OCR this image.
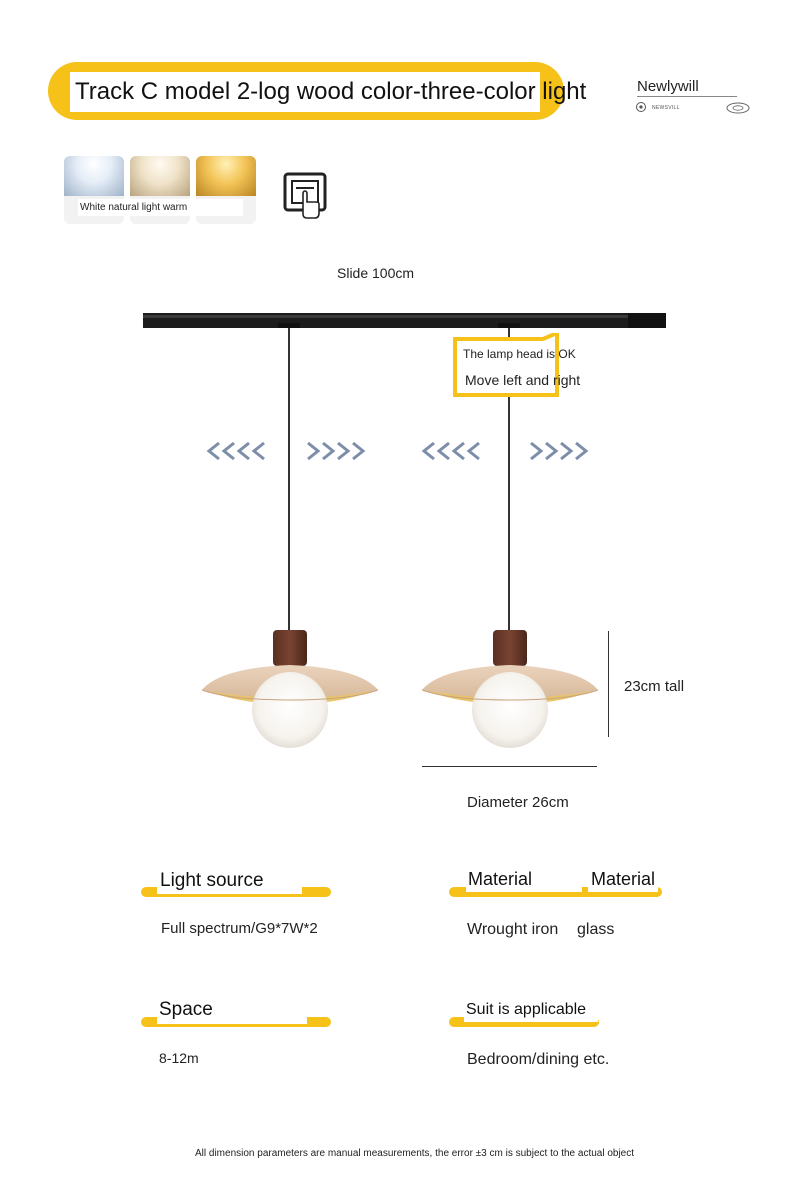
Track C model 2-log wood color-three-color light	Newlywill
NEWSVILL
White natural light warm
Slide 100cm
The lamp head is OK
Move left and right
23cm tall
Diameter 26cm
Light source
Full spectrum/G9*7W*2
Material	Material
Wrought iron glass
Space
8-12m
Suit is applicable
Bedroom/dining etc.
All dimension parameters are manual measurements, the error ±3 cm is subject to the actual object
